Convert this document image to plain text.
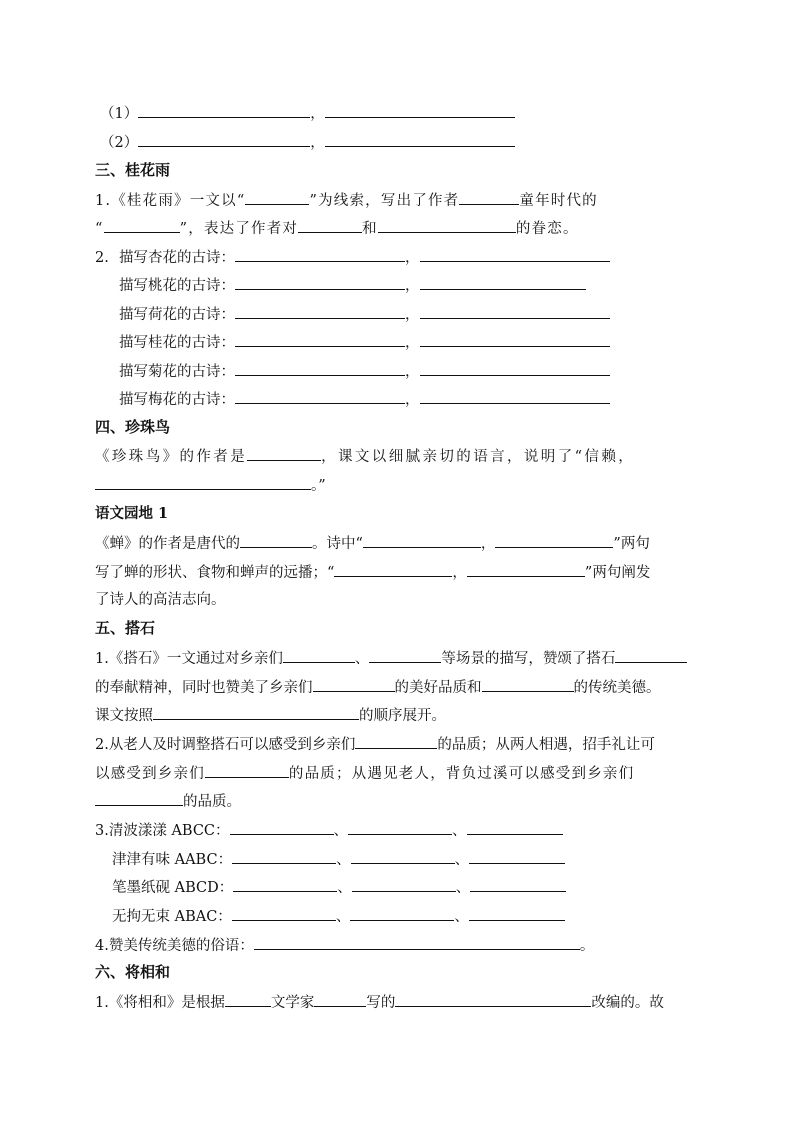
（1）	，
（2）	，
三、桂花雨
1.《桂花雨》一文以“	”为线索，写出了作者	童年时代的
“	”，表达了作者对	和	的眷恋。
2. 描写杏花的古诗：	，
描写桃花的古诗：	，
描写荷花的古诗：	，
描写桂花的古诗：	，
描写菊花的古诗：	，
描写梅花的古诗：	，
四、珍珠鸟
《珍珠鸟》的作者是	，课文以细腻亲切的语言，说明了“信赖，
。”
语文园地 1
《蝉》的作者是唐代的	。诗中“	，	”两句
写了蝉的形状、食物和蝉声的远播；“	，	”两句阐发
了诗人的高洁志向。
五、搭石
1.《搭石》一文通过对乡亲们	、	等场景的描写，赞颂了搭石
的奉献精神，同时也赞美了乡亲们	的美好品质和	的传统美德。
课文按照	的顺序展开。
2.从老人及时调整搭石可以感受到乡亲们	的品质；从两人相遇，招手礼让可
以感受到乡亲们	的品质；从遇见老人，背负过溪可以感受到乡亲们
的品质。
3.清波漾漾 ABCC：	、	、
津津有味 AABC：	、	、
笔墨纸砚 ABCD：	、	、
无拘无束 ABAC：	、	、
4.赞美传统美德的俗语：	。
六、将相和
1.《将相和》是根据	文学家	写的	改编的。故
